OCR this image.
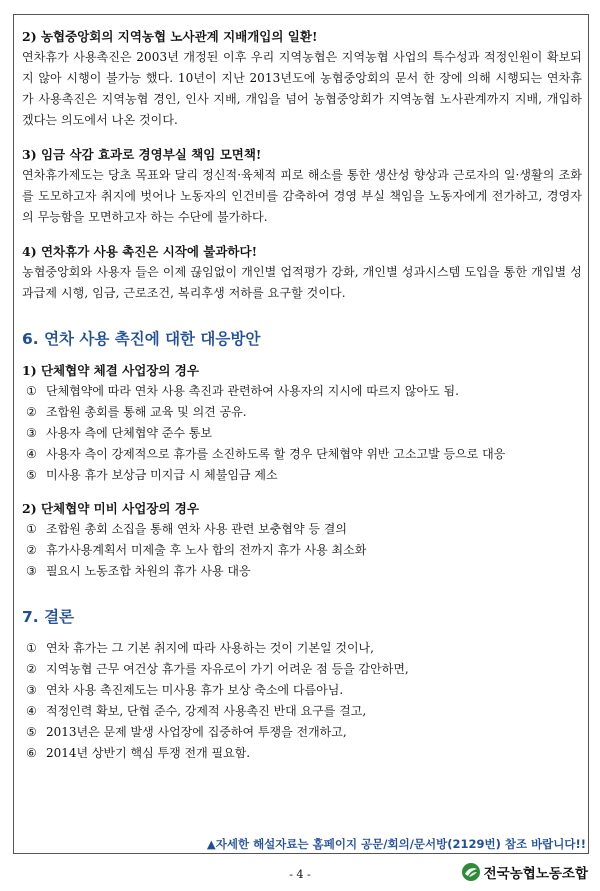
2) 농협중앙회의 지역농협 노사관계 지배개입의 일환!

연차휴가 사용촉진은 2003년 개정된 이후 우리 지역농협은 지역농협 사업의 특수성과 적정인원이 확보되지 않아 시행이 불가능 했다. 10년이 지난 2013년도에 농협중앙회의 문서 한 장에 의해 시행되는 연차휴가 사용촉진은 지역농협 경인, 인사 지배, 개입을 넘어 농협중앙회가 지역농협 노사관계까지 지배, 개입하겠다는 의도에서 나온 것이다.

3) 임금 삭감 효과로 경영부실 책임 모면책!

연차휴가제도는 당초 목표와 달리 정신적·육체적 피로 해소를 통한 생산성 향상과 근로자의 일·생활의 조화를 도모하고자 취지에 벗어나 노동자의 인건비를 감축하여 경영 부실 책임을 노동자에게 전가하고, 경영자의 무능함을 모면하고자 하는 수단에 불가하다.

4) 연차휴가 사용 촉진은 시작에 불과하다!

농협중앙회와 사용자 들은 이제 끊임없이 개인별 업적평가 강화, 개인별 성과시스템 도입을 통한 개입별 성과급제 시행, 임금, 근로조건, 복리후생 저하를 요구할 것이다.

6. 연차 사용 촉진에 대한 대응방안

1) 단체협약 체결 사업장의 경우

① 단체협약에 따라 연차 사용 촉진과 관련하여 사용자의 지시에 따르지 않아도 됨.
② 조합원 총회를 통해 교육 및 의견 공유.
③ 사용자 측에 단체협약 준수 통보
④ 사용자 측이 강제적으로 휴가를 소진하도록 할 경우 단체협약 위반 고소고발 등으로 대응
⑤ 미사용 휴가 보상금 미지급 시 체불임금 제소

2) 단체협약 미비 사업장의 경우

① 조합원 총회 소집을 통해 연차 사용 관련 보충협약 등 결의
② 휴가사용계획서 미제출 후 노사 합의 전까지 휴가 사용 최소화
③ 필요시 노동조합 차원의 휴가 사용 대응

7. 결론

① 연차 휴가는 그 기본 취지에 따라 사용하는 것이 기본일 것이나,
② 지역농협 근무 여건상 휴가를 자유로이 가기 어려운 점 등을 감안하면,
③ 연차 사용 촉진제도는 미사용 휴가 보상 축소에 다름아님.
④ 적정인력 확보, 단협 준수, 강제적 사용촉진 반대 요구를 걸고,
⑤ 2013년은 문제 발생 사업장에 집중하여 투쟁을 전개하고,
⑥ 2014년 상반기 핵심 투쟁 전개 필요함.
▲자세한 해설자료는 홈페이지 공문/회의/문서방(2129번) 참조 바랍니다!!
- 4 -	전국농협노동조합
